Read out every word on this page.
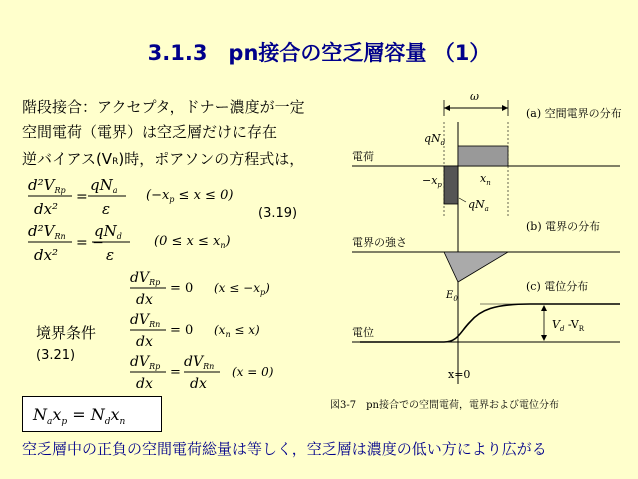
3.1.3　pn接合の空乏層容量 （1）
階段接合：アクセプタ，ドナー濃度が一定
空間電荷（電界）は空乏層だけに存在
逆バイアス(VR)時，ポアソンの方程式は，
$d^2V_{Rp}$
dx²
=
$qN_a$
ε
$(-x_p \le x \le 0)$
$d^2V_{Rn}$
dx²
= −
$qN_d$
ε
$(0 \le x \le x_n)$
(3.19)
境界条件
(3.21)
$dV_{Rp}$
dx
= 0 $(x \le -x_p)$
$dV_{Rn}$
dx
= 0 $(x_n \le x)$
$dV_{Rp}$
dx
=
$dV_{Rn}$
dx
(x = 0)
$N_ax_p = N_dx_n$
ω
(a) 空間電界の分布
電荷
$qN_d$
$-x_p$	$x_n$
$qN_a$
(b) 電界の分布
電界の強さ
$E_0$
(c) 電位分布
電位
$V_d$ $-V_R$
x=0
図3-7　pn接合での空間電荷，電界および電位分布
空乏層中の正負の空間電荷総量は等しく，空乏層は濃度の低い方により広がる
